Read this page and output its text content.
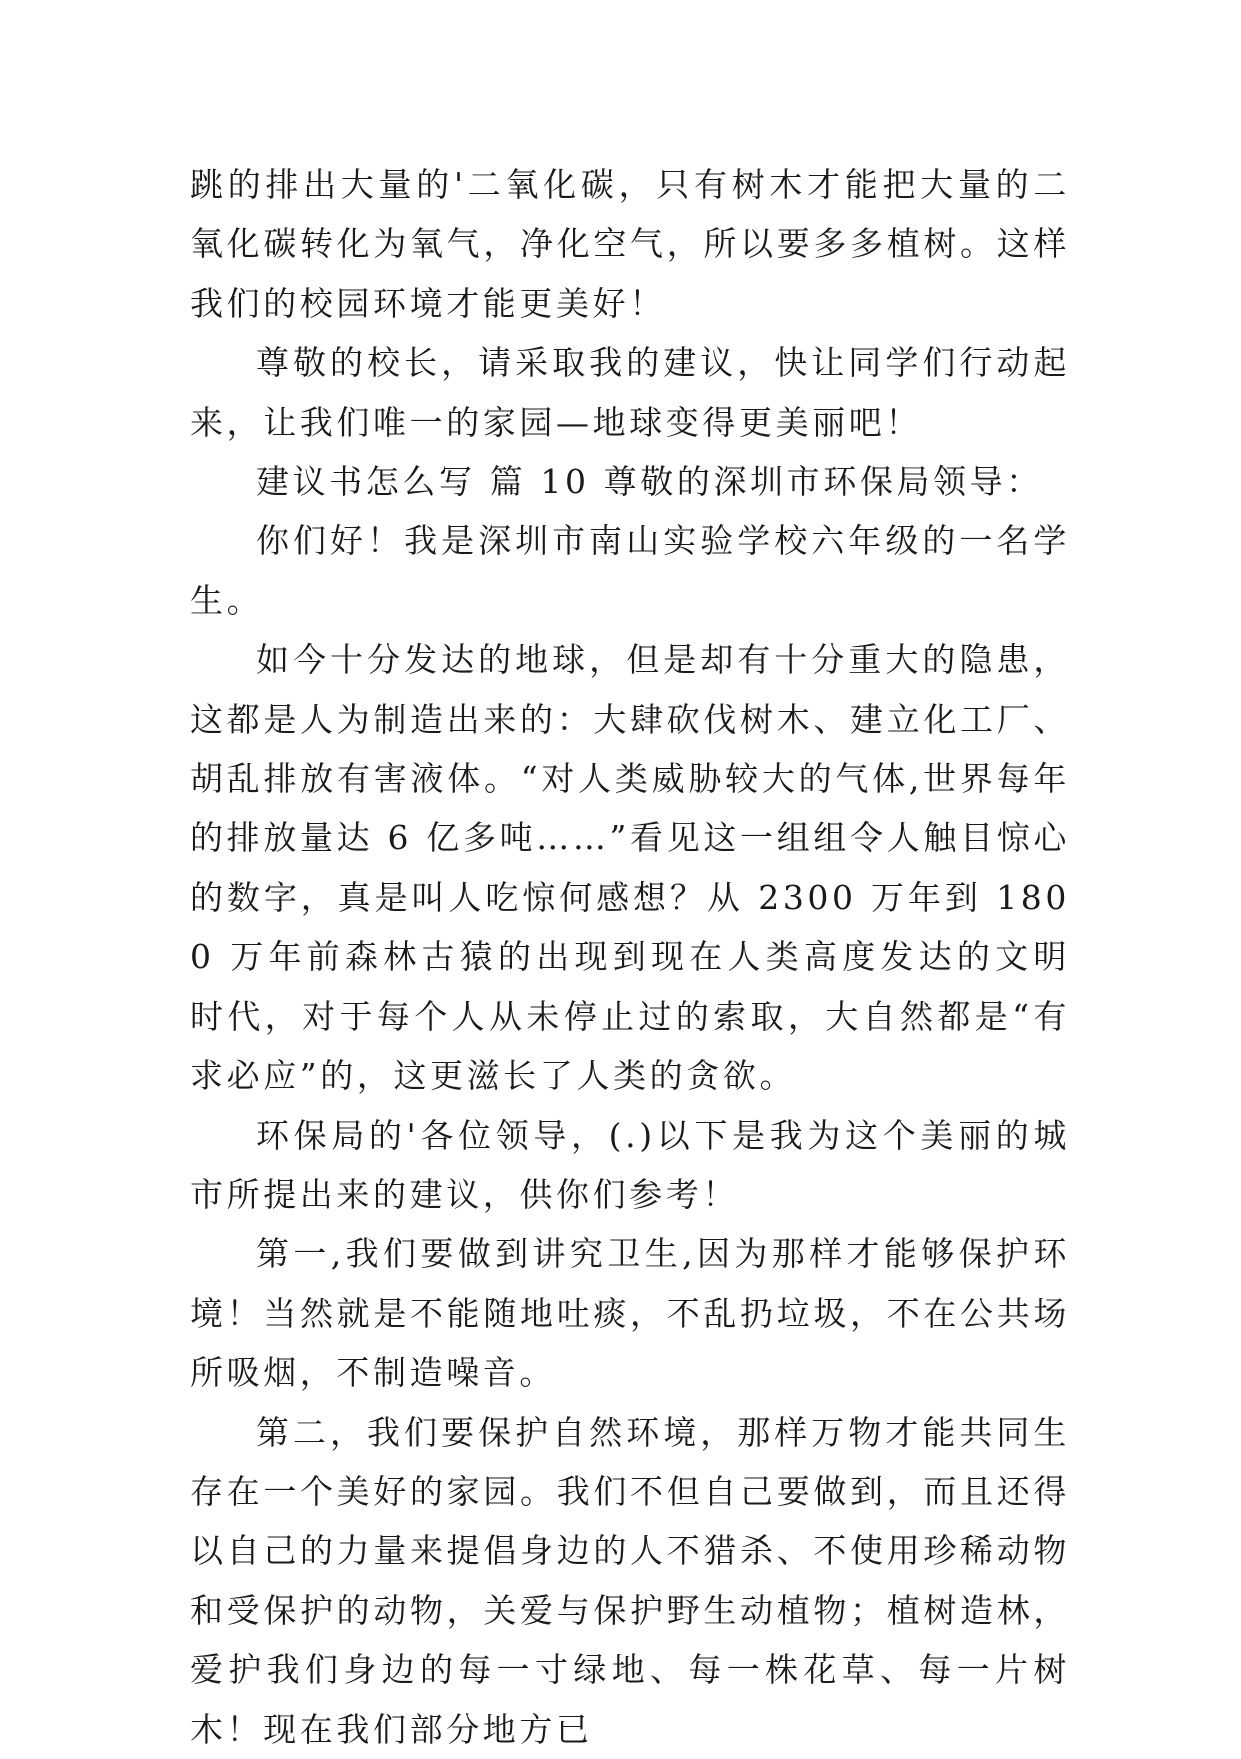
跳的排出大量的'二氧化碳，只有树木才能把大量的二氧化碳转化为氧气，净化空气，所以要多多植树。这样我们的校园环境才能更美好！

尊敬的校长，请采取我的建议，快让同学们行动起来，让我们唯一的家园—地球变得更美丽吧！

建议书怎么写 篇 10 尊敬的深圳市环保局领导：

你们好！我是深圳市南山实验学校六年级的一名学生。

如今十分发达的地球，但是却有十分重大的隐患，这都是人为制造出来的：大肆砍伐树木、建立化工厂、胡乱排放有害液体。“对人类威胁较大的气体,世界每年的排放量达 6 亿多吨……”看见这一组组令人触目惊心的数字，真是叫人吃惊何感想？从 2300 万年到 1800 万年前森林古猿的出现到现在人类高度发达的文明时代，对于每个人从未停止过的索取，大自然都是“有求必应”的，这更滋长了人类的贪欲。

环保局的'各位领导，(.)以下是我为这个美丽的城市所提出来的建议，供你们参考！

第一,我们要做到讲究卫生,因为那样才能够保护环境！当然就是不能随地吐痰，不乱扔垃圾，不在公共场所吸烟，不制造噪音。

第二，我们要保护自然环境，那样万物才能共同生存在一个美好的家园。我们不但自己要做到，而且还得以自己的力量来提倡身边的人不猎杀、不使用珍稀动物和受保护的动物，关爱与保护野生动植物；植树造林，爱护我们身边的每一寸绿地、每一株花草、每一片树木！现在我们部分地方已
